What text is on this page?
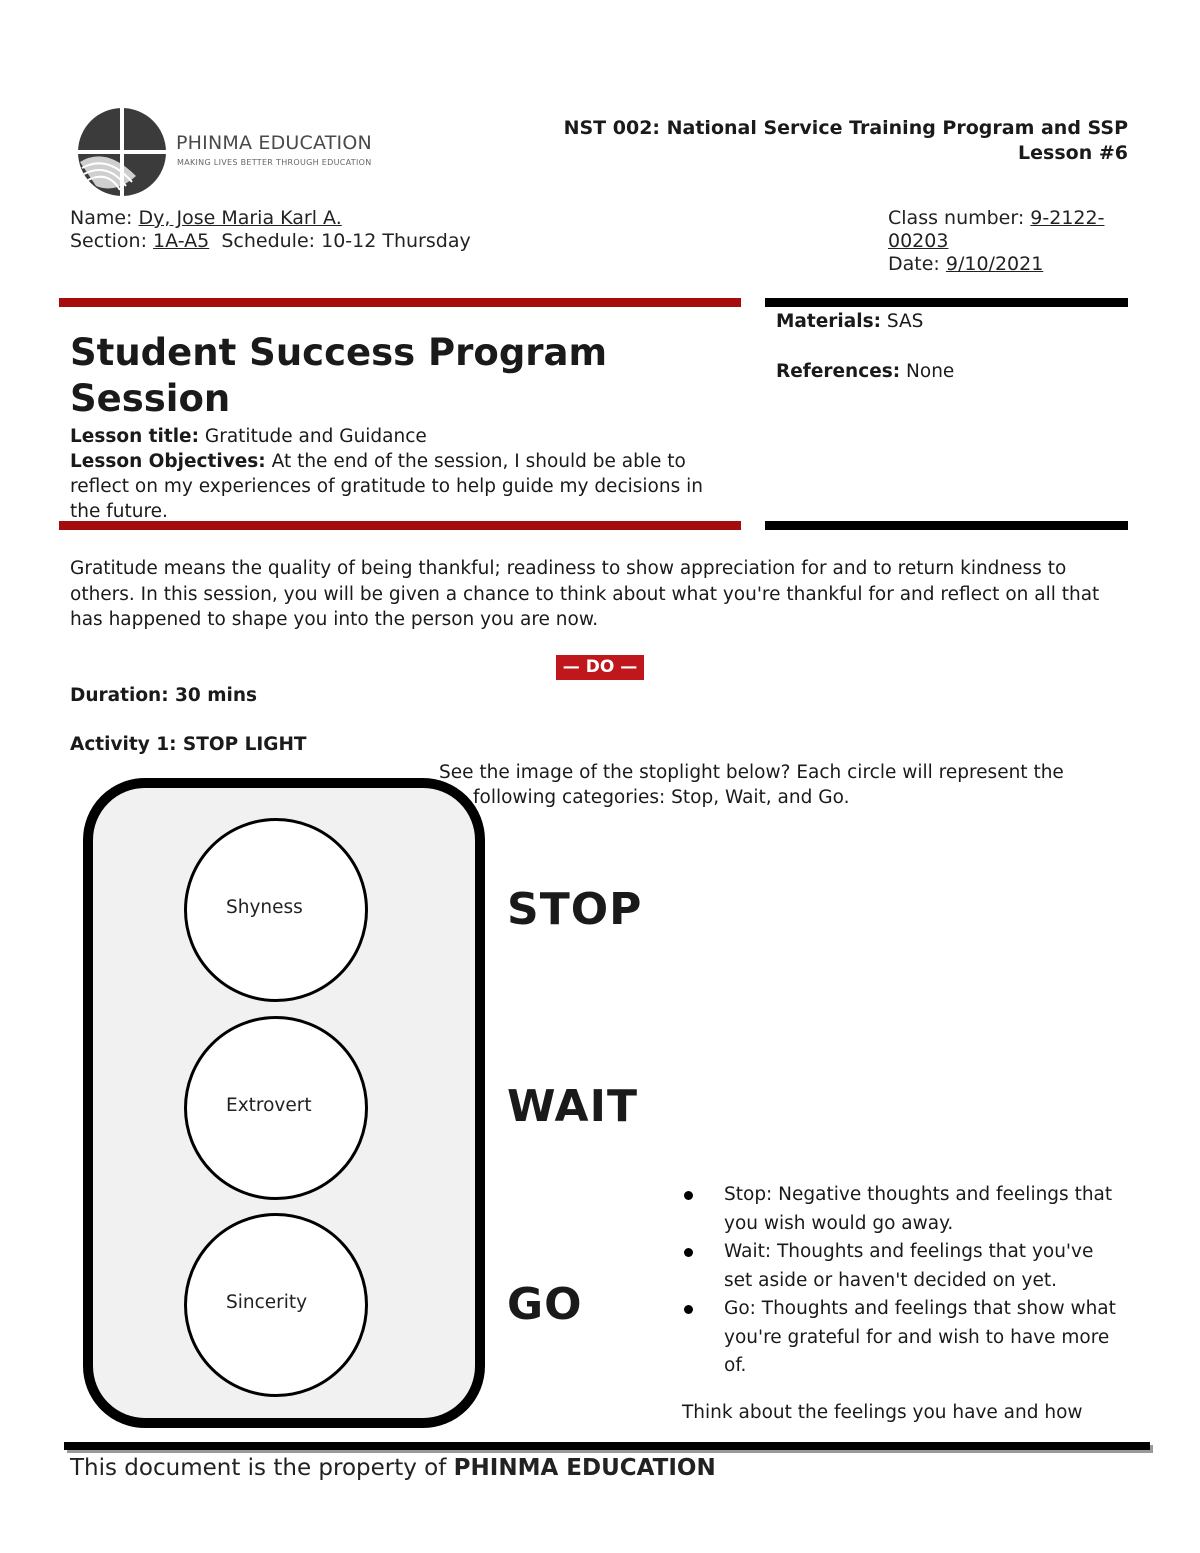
PHINMA EDUCATION
MAKING LIVES BETTER THROUGH EDUCATION
NST 002: National Service Training Program and SSP
Lesson #6
Name: Dy, Jose Maria Karl A.
Section: 1A-A5 Schedule: 10-12 Thursday
Class number: 9-2122-
00203
Date: 9/10/2021
Student Success Program
Session
Lesson title: Gratitude and Guidance
Lesson Objectives: At the end of the session, I should be able to
reflect on my experiences of gratitude to help guide my decisions in
the future.
Materials: SAS
References: None
Gratitude means the quality of being thankful; readiness to show appreciation for and to return kindness to
others. In this session, you will be given a chance to think about what you're thankful for and reflect on all that
has happened to shape you into the person you are now.
— DO —
Duration: 30 mins
Activity 1: STOP LIGHT
See the image of the stoplight below? Each circle will represent the
following categories: Stop, Wait, and Go.
Shyness
Extrovert
Sincerity
STOP
WAIT
GO
Stop: Negative thoughts and feelings that
you wish would go away.
Wait: Thoughts and feelings that you've
set aside or haven't decided on yet.
Go: Thoughts and feelings that show what
you're grateful for and wish to have more
of.
Think about the feelings you have and how
This document is the property of PHINMA EDUCATION
